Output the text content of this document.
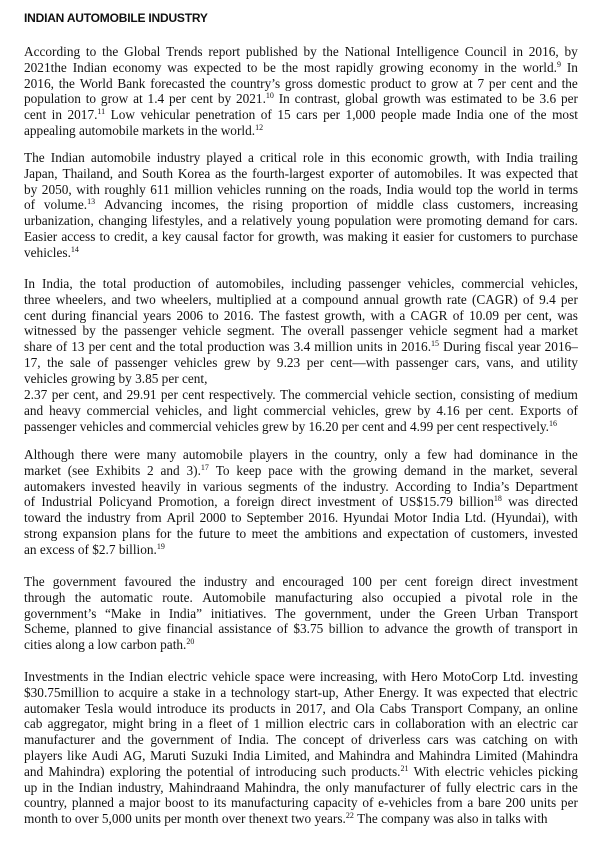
INDIAN AUTOMOBILE INDUSTRY
According to the Global Trends report published by the National Intelligence Council in 2016, by
2021the Indian economy was expected to be the most rapidly growing economy in the world.$^9$ In
2016, the World Bank forecasted the country’s gross domestic product to grow at 7 per cent and the
population to grow at 1.4 per cent by 2021.10 In contrast, global growth was estimated to be 3.6 per
cent in 2017.11 Low vehicular penetration of 15 cars per 1,000 people made India one of the most
appealing automobile markets in the world.$^{12}$
The Indian automobile industry played a critical role in this economic growth, with India trailing
Japan, Thailand, and South Korea as the fourth-largest exporter of automobiles. It was expected that
by 2050, with roughly 611 million vehicles running on the roads, India would top the world in terms
of volume.$^{13}$ Advancing incomes, the rising proportion of middle class customers, increasing
urbanization, changing lifestyles, and a relatively young population were promoting demand for cars.
Easier access to credit, a key causal factor for growth, was making it easier for customers to purchase
vehicles.$^{14}$
In India, the total production of automobiles, including passenger vehicles, commercial vehicles,
three wheelers, and two wheelers, multiplied at a compound annual growth rate (CAGR) of 9.4 per
cent during financial years 2006 to 2016. The fastest growth, with a CAGR of 10.09 per cent, was
witnessed by the passenger vehicle segment. The overall passenger vehicle segment had a market
share of 13 per cent and the total production was 3.4 million units in 2016.15 During fiscal year 2016–
17, the sale of passenger vehicles grew by 9.23 per cent—with passenger cars, vans, and utility
vehicles growing by 3.85 per cent,
2.37 per cent, and 29.91 per cent respectively. The commercial vehicle section, consisting of medium
and heavy commercial vehicles, and light commercial vehicles, grew by 4.16 per cent. Exports of
passenger vehicles and commercial vehicles grew by 16.20 per cent and 4.99 per cent respectively.$^{16}$
Although there were many automobile players in the country, only a few had dominance in the
market (see Exhibits 2 and 3).$^{17}$ To keep pace with the growing demand in the market, several
automakers invested heavily in various segments of the industry. According to India’s Department
of Industrial Policyand Promotion, a foreign direct investment of US$15.79 billion$^{18}$ was directed
toward the industry from April 2000 to September 2016. Hyundai Motor India Ltd. (Hyundai), with
strong expansion plans for the future to meet the ambitions and expectation of customers, invested
an excess of $2.7 billion.$^{19}$
The government favoured the industry and encouraged 100 per cent foreign direct investment
through the automatic route. Automobile manufacturing also occupied a pivotal role in the
government’s “Make in India” initiatives. The government, under the Green Urban Transport
Scheme, planned to give financial assistance of $3.75 billion to advance the growth of transport in
cities along a low carbon path.$^{20}$
Investments in the Indian electric vehicle space were increasing, with Hero MotoCorp Ltd. investing
$30.75million to acquire a stake in a technology start-up, Ather Energy. It was expected that electric
automaker Tesla would introduce its products in 2017, and Ola Cabs Transport Company, an online
cab aggregator, might bring in a fleet of 1 million electric cars in collaboration with an electric car
manufacturer and the government of India. The concept of driverless cars was catching on with
players like Audi AG, Maruti Suzuki India Limited, and Mahindra and Mahindra Limited (Mahindra
and Mahindra) exploring the potential of introducing such products.$^{21}$ With electric vehicles picking
up in the Indian industry, Mahindraand Mahindra, the only manufacturer of fully electric cars in the
country, planned a major boost to its manufacturing capacity of e-vehicles from a bare 200 units per
month to over 5,000 units per month over thenext two years.$^{22}$ The company was also in talks with
